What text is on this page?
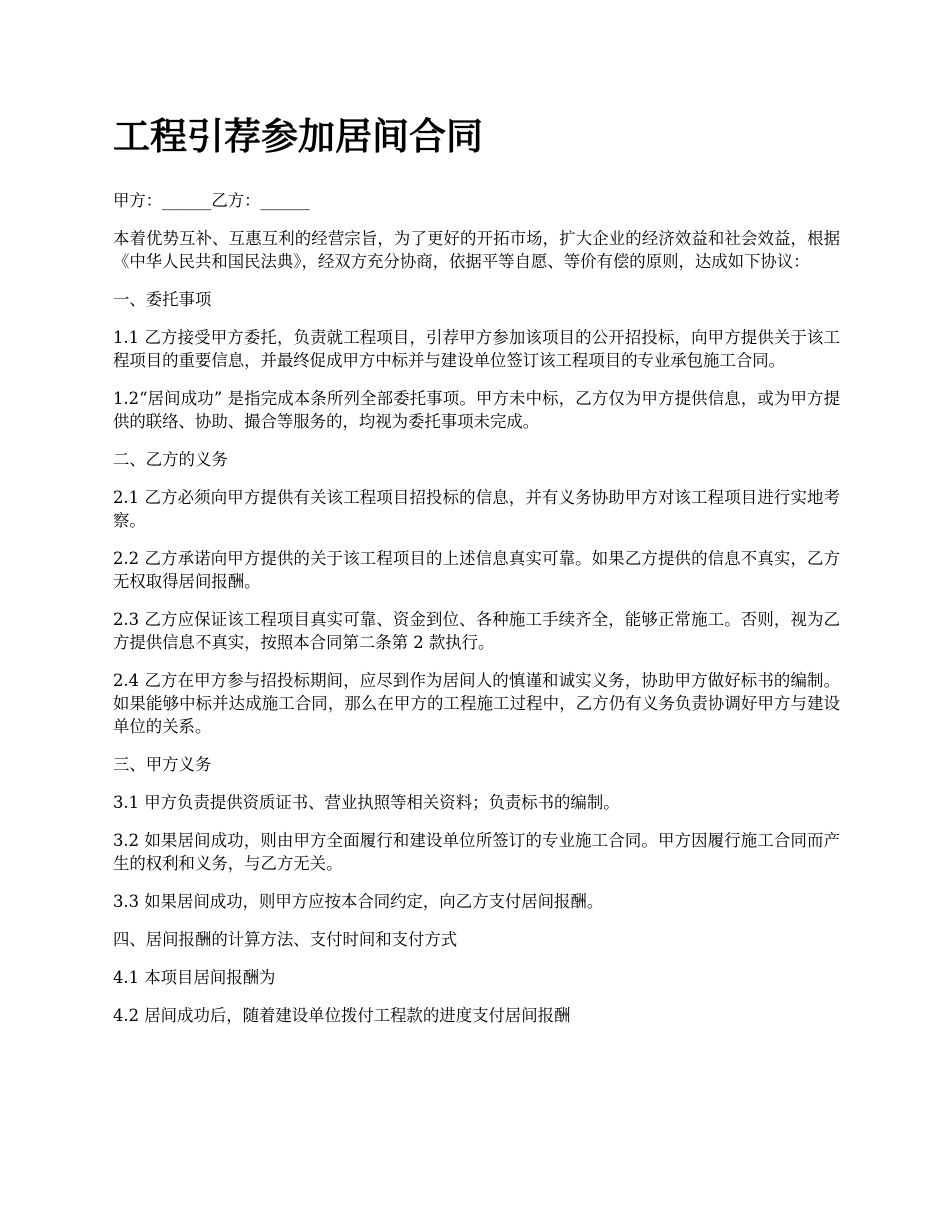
工程引荐参加居间合同

甲方：______乙方：______

本着优势互补、互惠互利的经营宗旨，为了更好的开拓市场，扩大企业的经济效益和社会效益，根据《中华人民共和国民法典》，经双方充分协商，依据平等自愿、等价有偿的原则，达成如下协议：

一、委托事项

1.1 乙方接受甲方委托，负责就工程项目，引荐甲方参加该项目的公开招投标，向甲方提供关于该工程项目的重要信息，并最终促成甲方中标并与建设单位签订该工程项目的专业承包施工合同。

1.2“居间成功” 是指完成本条所列全部委托事项。甲方未中标，乙方仅为甲方提供信息，或为甲方提供的联络、协助、撮合等服务的，均视为委托事项未完成。

二、乙方的义务

2.1 乙方必须向甲方提供有关该工程项目招投标的信息，并有义务协助甲方对该工程项目进行实地考察。

2.2 乙方承诺向甲方提供的关于该工程项目的上述信息真实可靠。如果乙方提供的信息不真实，乙方无权取得居间报酬。

2.3 乙方应保证该工程项目真实可靠、资金到位、各种施工手续齐全，能够正常施工。否则，视为乙方提供信息不真实，按照本合同第二条第 2 款执行。

2.4 乙方在甲方参与招投标期间，应尽到作为居间人的慎谨和诚实义务，协助甲方做好标书的编制。如果能够中标并达成施工合同，那么在甲方的工程施工过程中，乙方仍有义务负责协调好甲方与建设单位的关系。

三、甲方义务

3.1 甲方负责提供资质证书、营业执照等相关资料；负责标书的编制。

3.2 如果居间成功，则由甲方全面履行和建设单位所签订的专业施工合同。甲方因履行施工合同而产生的权利和义务，与乙方无关。

3.3 如果居间成功，则甲方应按本合同约定，向乙方支付居间报酬。

四、居间报酬的计算方法、支付时间和支付方式

4.1 本项目居间报酬为

4.2 居间成功后，随着建设单位拨付工程款的进度支付居间报酬
